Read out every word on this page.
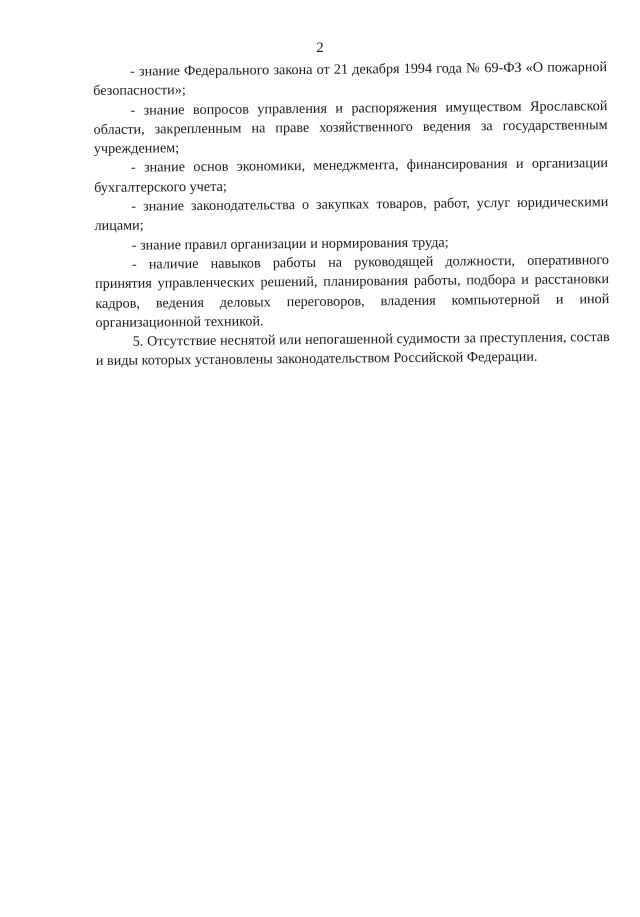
2

- знание Федерального закона от 21 декабря 1994 года № 69-ФЗ «О пожарной безопасности»;

- знание вопросов управления и распоряжения имуществом Ярославской области, закрепленным на праве хозяйственного ведения за государственным учреждением;

- знание основ экономики, менеджмента, финансирования и организации бухгалтерского учета;

- знание законодательства о закупках товаров, работ, услуг юридическими лицами;

- знание правил организации и нормирования труда;

- наличие навыков работы на руководящей должности, оперативного принятия управленческих решений, планирования работы, подбора и расстановки кадров, ведения деловых переговоров, владения компьютерной и иной организационной техникой.

5. Отсутствие неснятой или непогашенной судимости за преступления, состав и виды которых установлены законодательством Российской Федерации.
